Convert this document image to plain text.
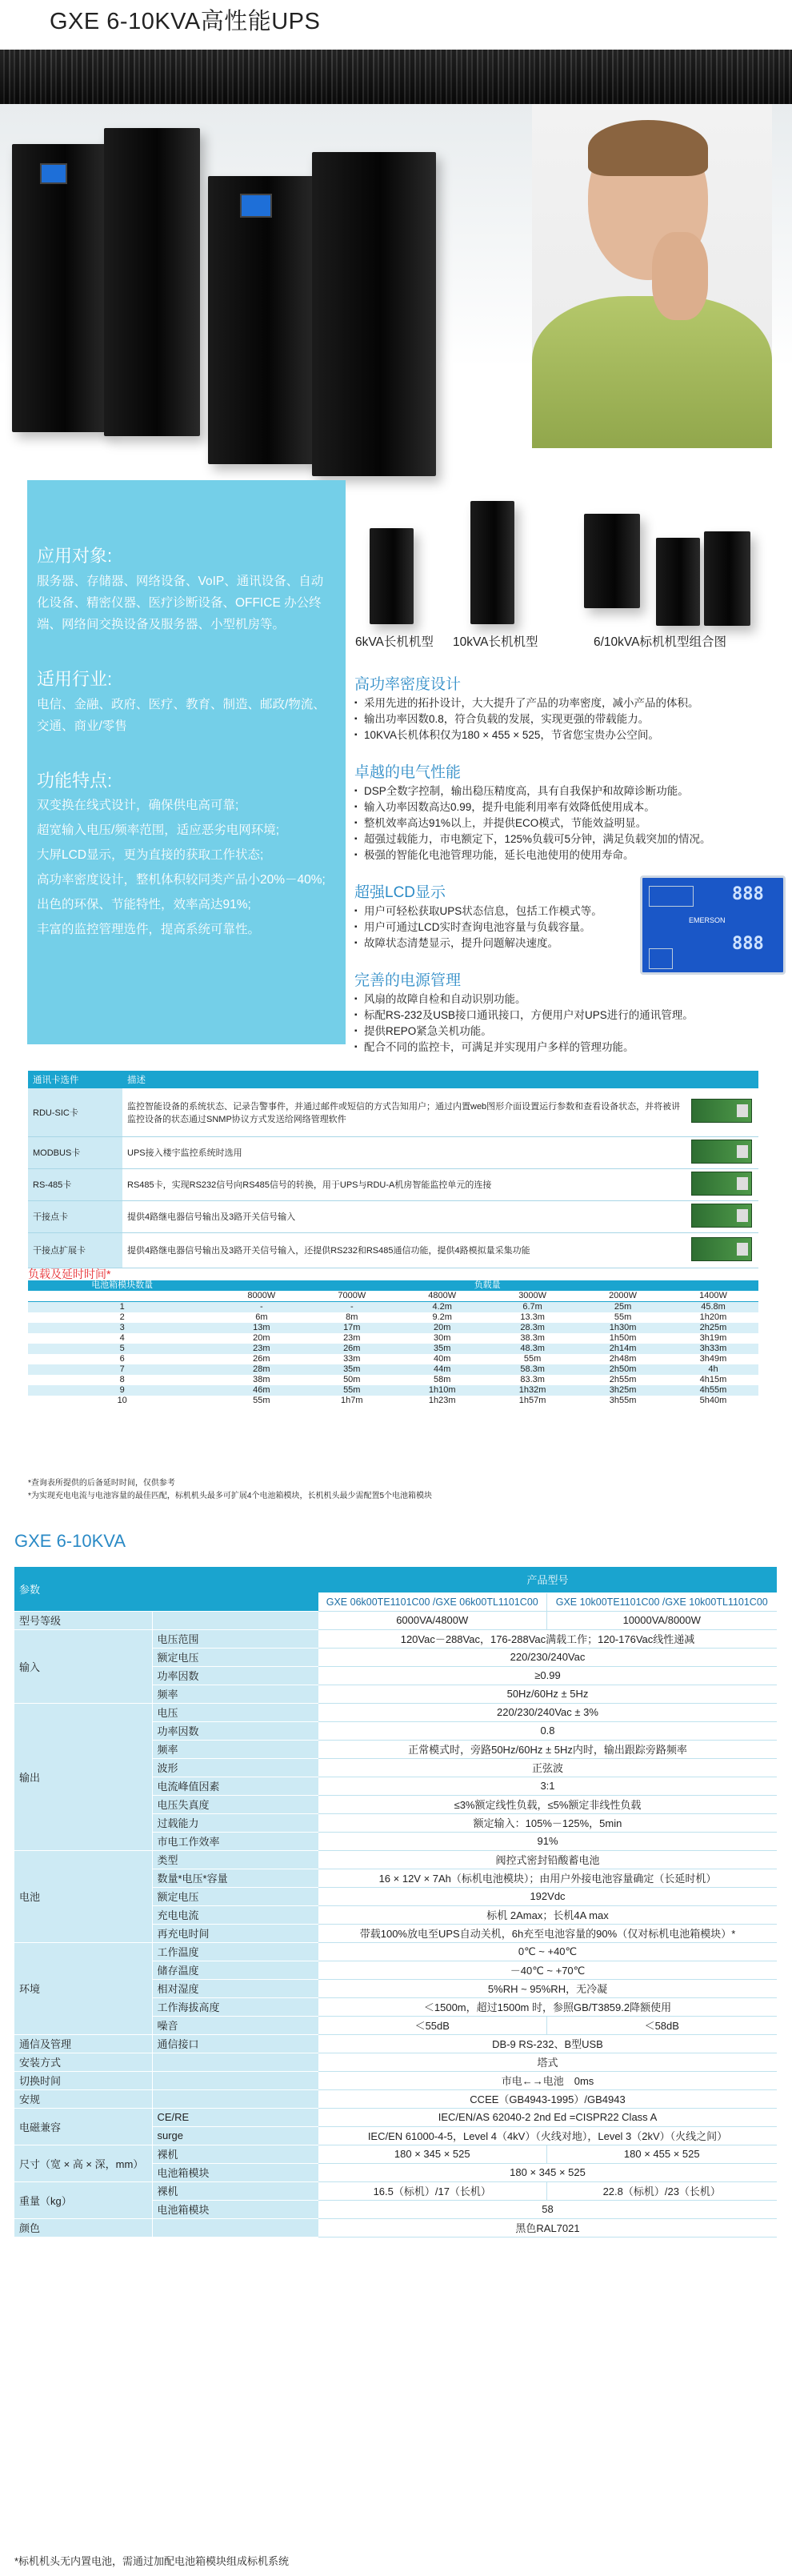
GXE 6-10KVA高性能UPS
应用对象:

服务器、存储器、网络设备、VoIP、通讯设备、自动化设备、精密仪器、医疗诊断设备、OFFICE 办公终端、网络间交换设备及服务器、小型机房等。

适用行业:

电信、金融、政府、医疗、教育、制造、邮政/物流、交通、商业/零售

功能特点:

双变换在线式设计，确保供电高可靠;

超宽输入电压/频率范围，适应恶劣电网环境;

大屏LCD显示，更为直接的获取工作状态;

高功率密度设计，整机体积较同类产品小20%－40%;

出色的环保、节能特性，效率高达91%;

丰富的监控管理选件，提高系统可靠性。

6kVA长机机型 10kVA长机机型	6/10kVA标机机型组合图
高功率密度设计
▪ 采用先进的拓扑设计，大大提升了产品的功率密度，减小产品的体积。
▪ 输出功率因数0.8，符合负载的发展，实现更强的带载能力。
▪ 10KVA长机体积仅为180 × 455 × 525，节省您宝贵办公空间。
卓越的电气性能
▪ DSP全数字控制，输出稳压精度高，具有自我保护和故障诊断功能。
▪ 输入功率因数高达0.99，提升电能利用率有效降低使用成本。
▪ 整机效率高达91%以上，并提供ECO模式，节能效益明显。
▪ 超强过载能力，市电额定下，125%负载可5分钟，满足负载突加的情况。
▪ 极强的智能化电池管理功能，延长电池使用的使用寿命。
超强LCD显示
▪ 用户可轻松获取UPS状态信息，包括工作模式等。
▪ 用户可通过LCD实时查询电池容量与负载容量。
▪ 故障状态清楚显示，提升问题解决速度。
888
EMERSON
888
完善的电源管理
▪ 风扇的故障自检和自动识别功能。
▪ 标配RS-232及USB接口通讯接口，方便用户对UPS进行的通讯管理。
▪ 提供REPO紧急关机功能。
▪ 配合不同的监控卡，可满足并实现用户多样的管理功能。
通讯卡选件	描述	
RDU-SIC卡	监控智能设备的系统状态、记录告警事件，并通过邮件或短信的方式告知用户；通过内置web图形介面设置运行参数和查看设备状态，并将被讲监控设备的状态通过SNMP协议方式发送给网络管理软件	
MODBUS卡	UPS接入楼宇监控系统时选用	
RS-485卡	RS485卡，实现RS232信号向RS485信号的转换，用于UPS与RDU-A机房智能监控单元的连接	
干接点卡	提供4路继电器信号输出及3路开关信号输入	
干接点扩展卡	提供4路继电器信号输出及3路开关信号输入，还提供RS232和RS485通信功能，提供4路模拟量采集功能	
负载及延时时间*
电池箱模块数量	负载量					
	8000W	7000W	4800W	3000W	2000W	1400W
1	-	-	4.2m	6.7m	25m	45.8m
2	6m	8m	9.2m	13.3m	55m	1h20m
3	13m	17m	20m	28.3m	1h30m	2h25m
4	20m	23m	30m	38.3m	1h50m	3h19m
5	23m	26m	35m	48.3m	2h14m	3h33m
6	26m	33m	40m	55m	2h48m	3h49m
7	28m	35m	44m	58.3m	2h50m	4h
8	38m	50m	58m	83.3m	2h55m	4h15m
9	46m	55m	1h10m	1h32m	3h25m	4h55m
10	55m	1h7m	1h23m	1h57m	3h55m	5h40m
*查询表所提供的后备延时时间，仅供参考
*为实现充电电流与电池容量的最佳匹配，标机机头最多可扩展4个电池箱模块，长机机头最少需配置5个电池箱模块
GXE 6-10KVA
参数		产品型号	
		GXE 06k00TE1101C00 /GXE 06k00TL1101C00	GXE 10k00TE1101C00 /GXE 10k00TL1101C00
型号等级		6000VA/4800W	10000VA/8000W
输入	电压范围	120Vac－288Vac，176-288Vac满载工作；120-176Vac线性递减	
	额定电压	220/230/240Vac	
	功率因数	≥0.99	
	频率	50Hz/60Hz ± 5Hz	
输出	电压	220/230/240Vac ± 3%	
	功率因数	0.8	
	频率	正常模式时，旁路50Hz/60Hz ± 5Hz内时，输出跟踪旁路频率	
	波形	正弦波	
	电流峰值因素	3:1	
	电压失真度	≤3%额定线性负载，≤5%额定非线性负载	
	过载能力	额定输入：105%－125%，5min	
	市电工作效率	91%	
电池	类型	阀控式密封铅酸蓄电池	
	数量*电压*容量	16 × 12V × 7Ah（标机电池模块）；由用户外接电池容量确定（长延时机）	
	额定电压	192Vdc	
	充电电流	标机 2Amax；长机4A max	
	再充电时间	带载100%放电至UPS自动关机，6h充至电池容量的90%（仅对标机电池箱模块）*	
环境	工作温度	0℃ ~ +40℃	
	储存温度	－40℃ ~ +70℃	
	相对湿度	5%RH ~ 95%RH，无冷凝	
	工作海拔高度	＜1500m，超过1500m 时，参照GB/T3859.2降额使用	
	噪音	＜55dB	＜58dB
通信及管理	通信接口	DB-9 RS-232、B型USB	
安装方式		塔式	
切换时间		市电←→电池　0ms	
安规		CCEE（GB4943-1995）/GB4943	
电磁兼容	CE/RE	IEC/EN/AS 62040-2 2nd Ed =CISPR22 Class A	
	surge	IEC/EN 61000-4-5，Level 4（4kV）（火线对地），Level 3（2kV）（火线之间）	
尺寸（宽 × 高 × 深，mm）	裸机	180 × 345 × 525	180 × 455 × 525
	电池箱模块	180 × 345 × 525	
重量（kg）	裸机	16.5（标机）/17（长机）	22.8（标机）/23（长机）
	电池箱模块	58	
颜色		黑色RAL7021	
*标机机头无内置电池，需通过加配电池箱模块组成标机系统
